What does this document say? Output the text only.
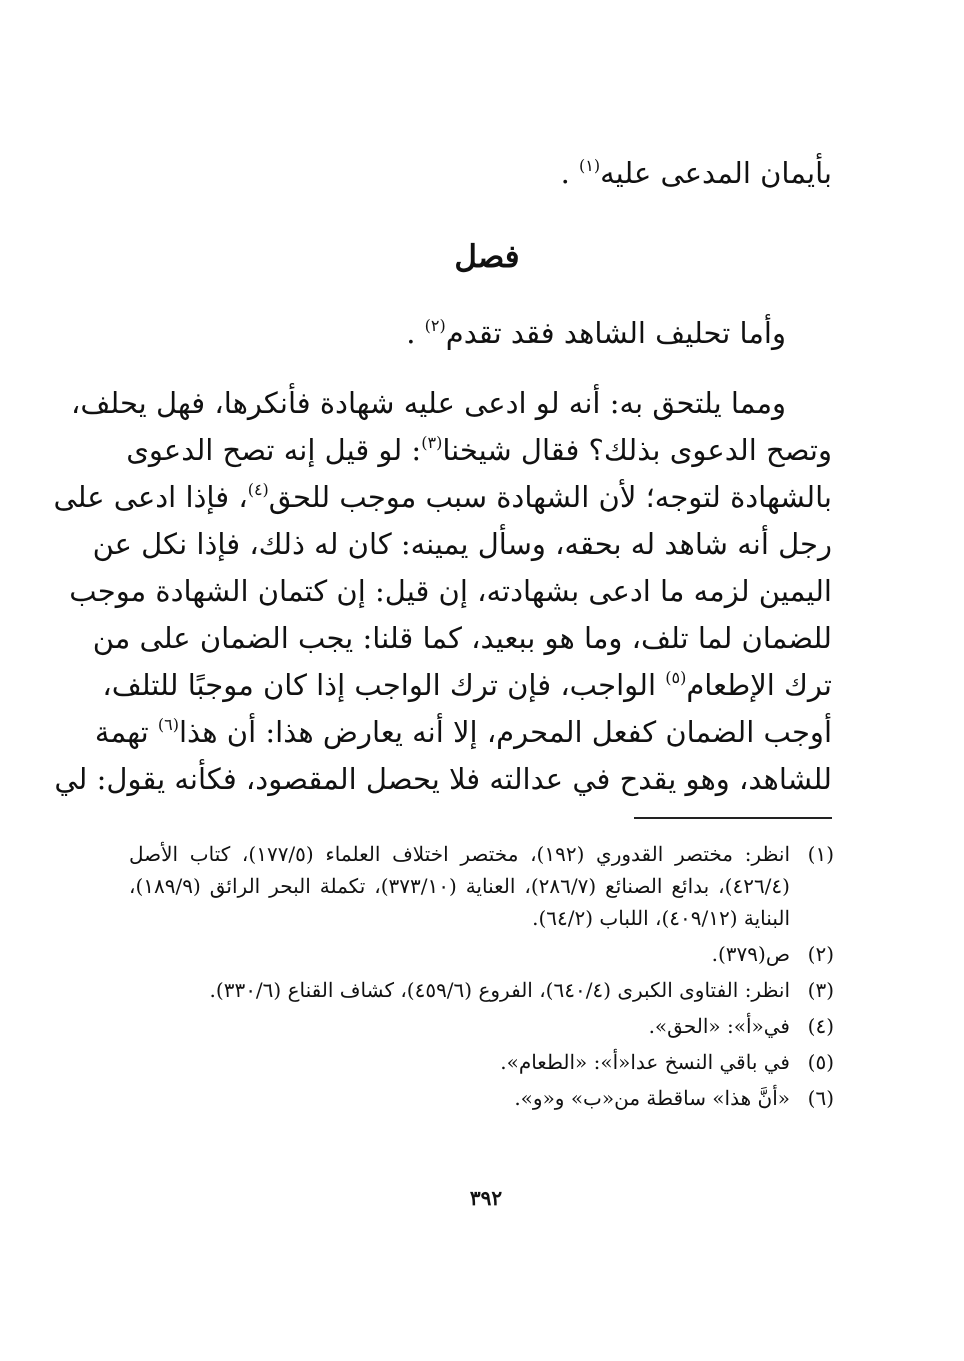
بأيمان المدعى عليه$^{(١)}$ .
فصل
وأما تحليف الشاهد فقد تقدم$^{(٢)}$ .
ومما يلتحق به: أنه لو ادعى عليه شهادة فأنكرها، فهل يحلف،
وتصح الدعوى بذلك؟ فقال شيخنا$^{(٣)}$: لو قيل إنه تصح الدعوى
بالشهادة لتوجه؛ لأن الشهادة سبب موجب للحق$^{(٤)}$، فإذا ادعى على
رجل أنه شاهد له بحقه، وسأل يمينه: كان له ذلك، فإذا نكل عن
اليمين لزمه ما ادعى بشهادته، إن قيل: إن كتمان الشهادة موجب
للضمان لما تلف، وما هو ببعيد، كما قلنا: يجب الضمان على من
ترك الإطعام$^{(٥)}$ الواجب، فإن ترك الواجب إذا كان موجبًا للتلف،
أوجب الضمان كفعل المحرم، إلا أنه يعارض هذا: أن هذا$^{(٦)}$ تهمة
للشاهد، وهو يقدح في عدالته فلا يحصل المقصود، فكأنه يقول: لي
(١)
انظر: مختصر القدوري (١٩٢)، مختصر اختلاف العلماء (١٧٧/٥)، كتاب الأصل (٤٢٦/٤)، بدائع الصنائع (٢٨٦/٧)، العناية (٣٧٣/١٠)، تكملة البحر الرائق (١٨٩/٩)، البناية (٤٠٩/١٢)، اللباب (٦٤/٢).
(٢)
ص(٣٧٩).
(٣)
انظر: الفتاوى الكبرى (٦٤٠/٤)، الفروع (٤٥٩/٦)، كشاف القناع (٣٣٠/٦).
(٤)
في«أ»: «الحق».
(٥)
في باقي النسخ عدا«أ»: «الطعام».
(٦)
«أنَّ هذا» ساقطة من«ب» و«و».
٣٩٢
